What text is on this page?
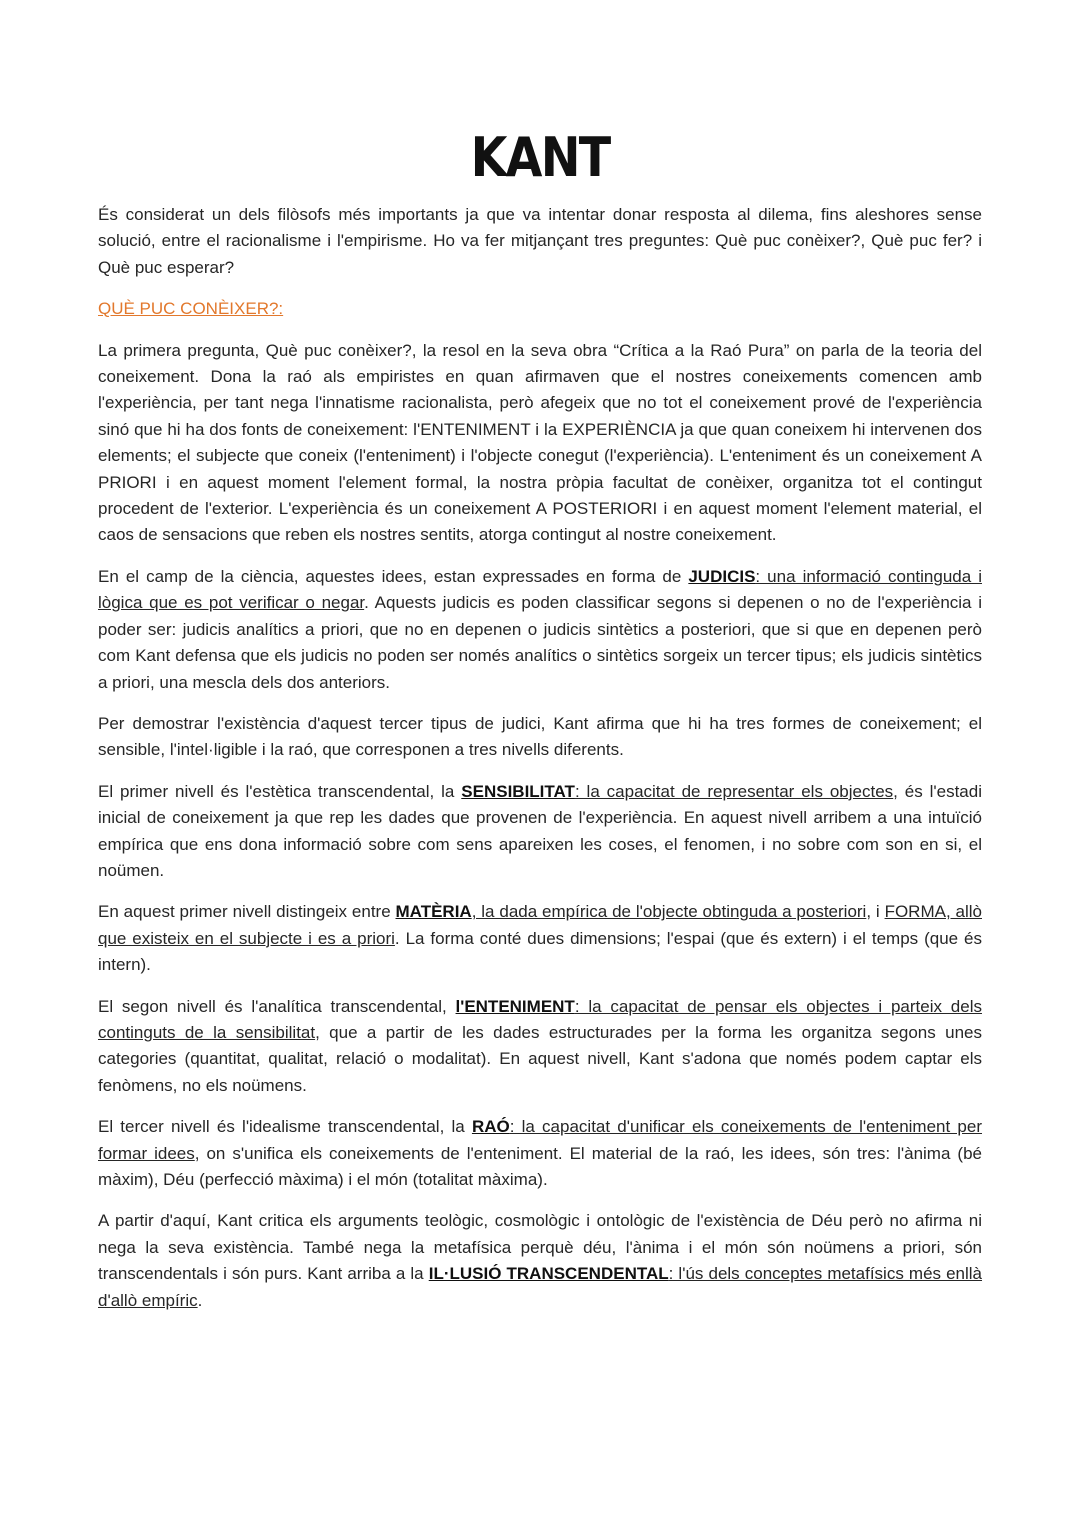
KANT

És considerat un dels filòsofs més importants ja que va intentar donar resposta al dilema, fins aleshores sense solució, entre el racionalisme i l'empirisme. Ho va fer mitjançant tres preguntes: Què puc conèixer?, Què puc fer? i Què puc esperar?

QUÈ PUC CONÈIXER?:

La primera pregunta, Què puc conèixer?, la resol en la seva obra “Crítica a la Raó Pura” on parla de la teoria del coneixement. Dona la raó als empiristes en quan afirmaven que el nostres coneixements comencen amb l'experiència, per tant nega l'innatisme racionalista, però afegeix que no tot el coneixement prové de l'experiència sinó que hi ha dos fonts de coneixement: l'ENTENIMENT i la EXPERIÈNCIA ja que quan coneixem hi intervenen dos elements; el subjecte que coneix (l'enteniment) i l'objecte conegut (l'experiència). L'enteniment és un coneixement A PRIORI i en aquest moment l'element formal, la nostra pròpia facultat de conèixer, organitza tot el contingut procedent de l'exterior. L'experiència és un coneixement A POSTERIORI i en aquest moment l'element material, el caos de sensacions que reben els nostres sentits, atorga contingut al nostre coneixement.

En el camp de la ciència, aquestes idees, estan expressades en forma de JUDICIS: una informació continguda i lògica que es pot verificar o negar. Aquests judicis es poden classificar segons si depenen o no de l'experiència i poder ser: judicis analítics a priori, que no en depenen o judicis sintètics a posteriori, que si que en depenen però com Kant defensa que els judicis no poden ser només analítics o sintètics sorgeix un tercer tipus; els judicis sintètics a priori, una mescla dels dos anteriors.

Per demostrar l'existència d'aquest tercer tipus de judici, Kant afirma que hi ha tres formes de coneixement; el sensible, l'intel·ligible i la raó, que corresponen a tres nivells diferents.

El primer nivell és l'estètica transcendental, la SENSIBILITAT: la capacitat de representar els objectes, és l'estadi inicial de coneixement ja que rep les dades que provenen de l'experiència. En aquest nivell arribem a una intuïció empírica que ens dona informació sobre com sens apareixen les coses, el fenomen, i no sobre com son en si, el noümen.

En aquest primer nivell distingeix entre MATÈRIA, la dada empírica de l'objecte obtinguda a posteriori, i FORMA, allò que existeix en el subjecte i es a priori. La forma conté dues dimensions; l'espai (que és extern) i el temps (que és intern).

El segon nivell és l'analítica transcendental, l'ENTENIMENT: la capacitat de pensar els objectes i parteix dels continguts de la sensibilitat, que a partir de les dades estructurades per la forma les organitza segons unes categories (quantitat, qualitat, relació o modalitat). En aquest nivell, Kant s'adona que només podem captar els fenòmens, no els noümens.

El tercer nivell és l'idealisme transcendental, la RAÓ: la capacitat d'unificar els coneixements de l'enteniment per formar idees, on s'unifica els coneixements de l'enteniment. El material de la raó, les idees, són tres: l'ànima (bé màxim), Déu (perfecció màxima) i el món (totalitat màxima).

A partir d'aquí, Kant critica els arguments teològic, cosmològic i ontològic de l'existència de Déu però no afirma ni nega la seva existència. També nega la metafísica perquè déu, l'ànima i el món són noümens a priori, són transcendentals i són purs. Kant arriba a la IL·LUSIÓ TRANSCENDENTAL: l'ús dels conceptes metafísics més enllà d'allò empíric.
